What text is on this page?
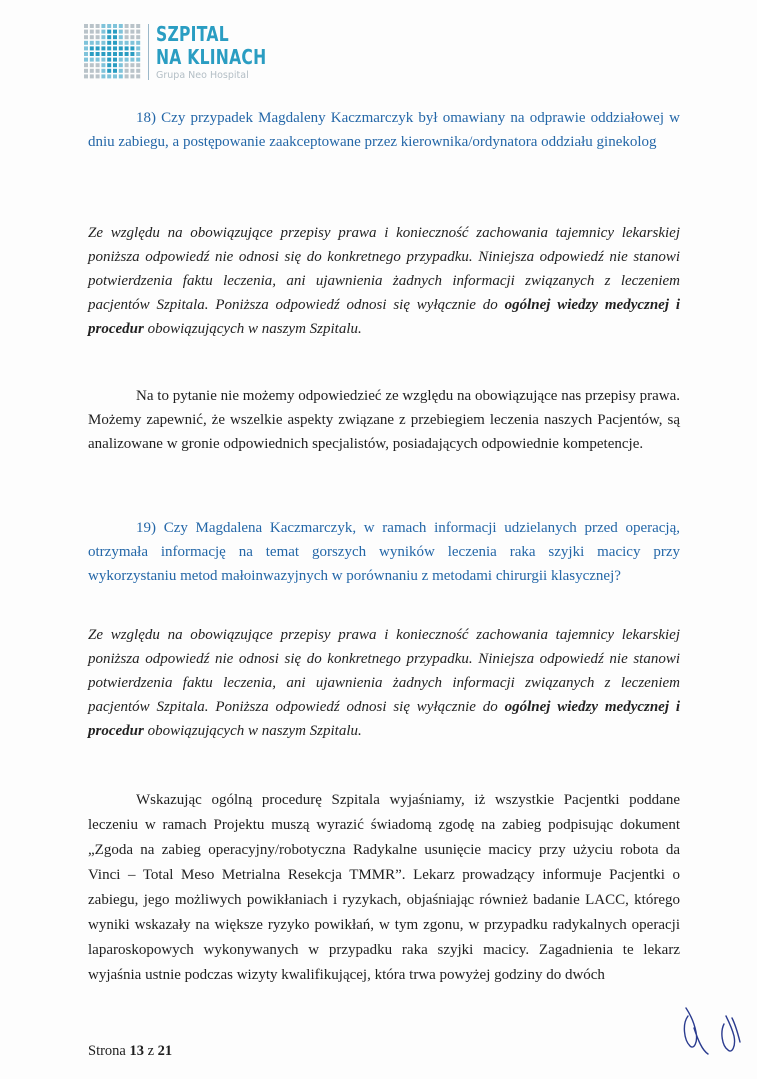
SZPITAL
NA KLINACH
Grupa Neo Hospital

18) Czy przypadek Magdaleny Kaczmarczyk był omawiany na odprawie oddziałowej w dniu zabiegu, a postępowanie zaakceptowane przez kierownika/ordynatora oddziału ginekolog

Ze względu na obowiązujące przepisy prawa i konieczność zachowania tajemnicy lekarskiej poniższa odpowiedź nie odnosi się do konkretnego przypadku. Niniejsza odpowiedź nie stanowi potwierdzenia faktu leczenia, ani ujawnienia żadnych informacji związanych z leczeniem pacjentów Szpitala. Poniższa odpowiedź odnosi się wyłącznie do ogólnej wiedzy medycznej i procedur obowiązujących w naszym Szpitalu.

Na to pytanie nie możemy odpowiedzieć ze względu na obowiązujące nas przepisy prawa. Możemy zapewnić, że wszelkie aspekty związane z przebiegiem leczenia naszych Pacjentów, są analizowane w gronie odpowiednich specjalistów, posiadających odpowiednie kompetencje.

19) Czy Magdalena Kaczmarczyk, w ramach informacji udzielanych przed operacją, otrzymała informację na temat gorszych wyników leczenia raka szyjki macicy przy wykorzystaniu metod małoinwazyjnych w porównaniu z metodami chirurgii klasycznej?

Ze względu na obowiązujące przepisy prawa i konieczność zachowania tajemnicy lekarskiej poniższa odpowiedź nie odnosi się do konkretnego przypadku. Niniejsza odpowiedź nie stanowi potwierdzenia faktu leczenia, ani ujawnienia żadnych informacji związanych z leczeniem pacjentów Szpitala. Poniższa odpowiedź odnosi się wyłącznie do ogólnej wiedzy medycznej i procedur obowiązujących w naszym Szpitalu.

Wskazując ogólną procedurę Szpitala wyjaśniamy, iż wszystkie Pacjentki poddane leczeniu w ramach Projektu muszą wyrazić świadomą zgodę na zabieg podpisując dokument „Zgoda na zabieg operacyjny/robotyczna Radykalne usunięcie macicy przy użyciu robota da Vinci – Total Meso Metrialna Resekcja TMMR”. Lekarz prowadzący informuje Pacjentki o zabiegu, jego możliwych powikłaniach i ryzykach, objaśniając również badanie LACC, którego wyniki wskazały na większe ryzyko powikłań, w tym zgonu, w przypadku radykalnych operacji laparoskopowych wykonywanych w przypadku raka szyjki macicy. Zagadnienia te lekarz wyjaśnia ustnie podczas wizyty kwalifikującej, która trwa powyżej godziny do dwóch

Strona 13 z 21
